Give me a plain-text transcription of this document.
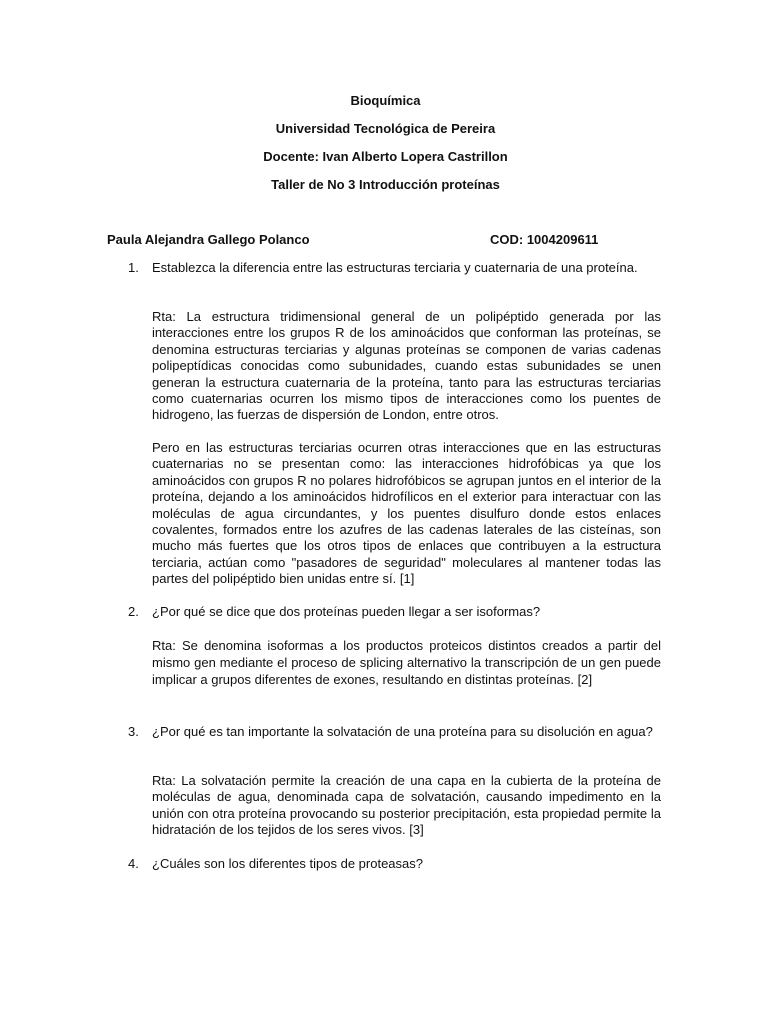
Bioquímica
Universidad Tecnológica de Pereira
Docente: Ivan Alberto Lopera Castrillon
Taller de No 3 Introducción proteínas
Paula Alejandra Gallego Polanco	COD: 1004209611
1. Establezca la diferencia entre las estructuras terciaria y cuaternaria de una proteína.
Rta: La estructura tridimensional general de un polipéptido generada por las interacciones entre los grupos R de los aminoácidos que conforman las proteínas, se denomina estructuras terciarias y algunas proteínas se componen de varias cadenas polipeptídicas conocidas como subunidades, cuando estas subunidades se unen generan la estructura cuaternaria de la proteína, tanto para las estructuras terciarias como cuaternarias ocurren los mismo tipos de interacciones como los puentes de hidrogeno, las fuerzas de dispersión de London, entre otros.
Pero en las estructuras terciarias ocurren otras interacciones que en las estructuras cuaternarias no se presentan como: las interacciones hidrofóbicas ya que los aminoácidos con grupos R no polares hidrofóbicos se agrupan juntos en el interior de la proteína, dejando a los aminoácidos hidrofílicos en el exterior para interactuar con las moléculas de agua circundantes, y los puentes disulfuro donde estos enlaces covalentes, formados entre los azufres de las cadenas laterales de las cisteínas, son mucho más fuertes que los otros tipos de enlaces que contribuyen a la estructura terciaria, actúan como "pasadores de seguridad" moleculares al mantener todas las partes del polipéptido bien unidas entre sí. [1]
2. ¿Por qué se dice que dos proteínas pueden llegar a ser isoformas?
Rta: Se denomina isoformas a los productos proteicos distintos creados a partir del mismo gen mediante el proceso de splicing alternativo la transcripción de un gen puede implicar a grupos diferentes de exones, resultando en distintas proteínas. [2]
3. ¿Por qué es tan importante la solvatación de una proteína para su disolución en agua?
Rta: La solvatación permite la creación de una capa en la cubierta de la proteína de moléculas de agua, denominada capa de solvatación, causando impedimento en la unión con otra proteína provocando su posterior precipitación, esta propiedad permite la hidratación de los tejidos de los seres vivos. [3]
4. ¿Cuáles son los diferentes tipos de proteasas?
